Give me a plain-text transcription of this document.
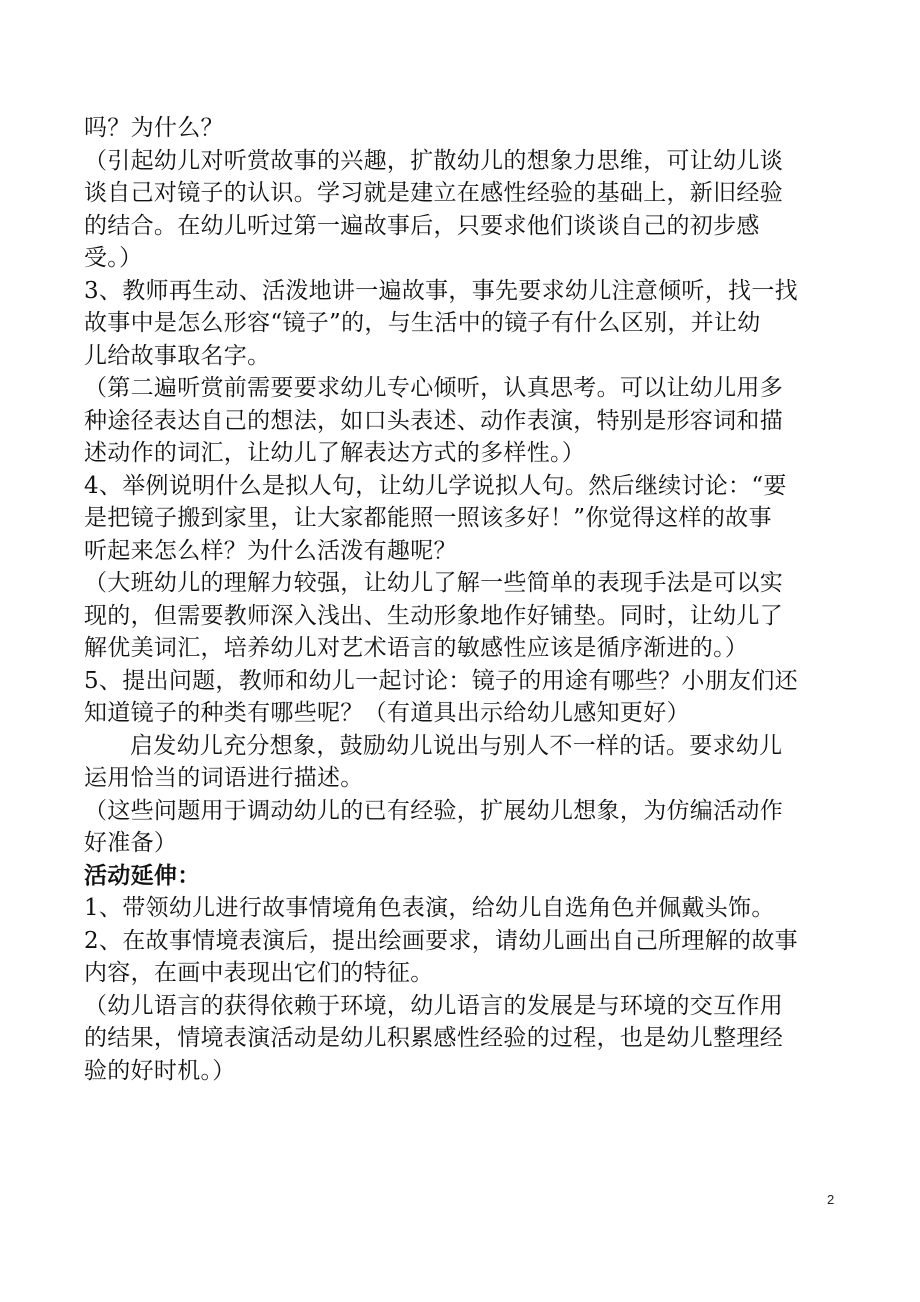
吗？为什么？
（引起幼儿对听赏故事的兴趣，扩散幼儿的想象力思维，可让幼儿谈
谈自己对镜子的认识。学习就是建立在感性经验的基础上，新旧经验
的结合。在幼儿听过第一遍故事后，只要求他们谈谈自己的初步感
受。）
3、教师再生动、活泼地讲一遍故事，事先要求幼儿注意倾听，找一找
故事中是怎么形容“镜子”的，与生活中的镜子有什么区别，并让幼
儿给故事取名字。
（第二遍听赏前需要要求幼儿专心倾听，认真思考。可以让幼儿用多
种途径表达自己的想法，如口头表述、动作表演，特别是形容词和描
述动作的词汇，让幼儿了解表达方式的多样性。）
4、举例说明什么是拟人句，让幼儿学说拟人句。然后继续讨论：“要
是把镜子搬到家里，让大家都能照一照该多好！”你觉得这样的故事
听起来怎么样？为什么活泼有趣呢？
（大班幼儿的理解力较强，让幼儿了解一些简单的表现手法是可以实
现的，但需要教师深入浅出、生动形象地作好铺垫。同时，让幼儿了
解优美词汇，培养幼儿对艺术语言的敏感性应该是循序渐进的。）
5、提出问题，教师和幼儿一起讨论：镜子的用途有哪些？小朋友们还
知道镜子的种类有哪些呢？（有道具出示给幼儿感知更好）
启发幼儿充分想象，鼓励幼儿说出与别人不一样的话。要求幼儿
运用恰当的词语进行描述。
（这些问题用于调动幼儿的已有经验，扩展幼儿想象，为仿编活动作
好准备）
活动延伸：
1、带领幼儿进行故事情境角色表演，给幼儿自选角色并佩戴头饰。
2、在故事情境表演后，提出绘画要求，请幼儿画出自己所理解的故事
内容，在画中表现出它们的特征。
（幼儿语言的获得依赖于环境，幼儿语言的发展是与环境的交互作用
的结果，情境表演活动是幼儿积累感性经验的过程，也是幼儿整理经
验的好时机。）
2
